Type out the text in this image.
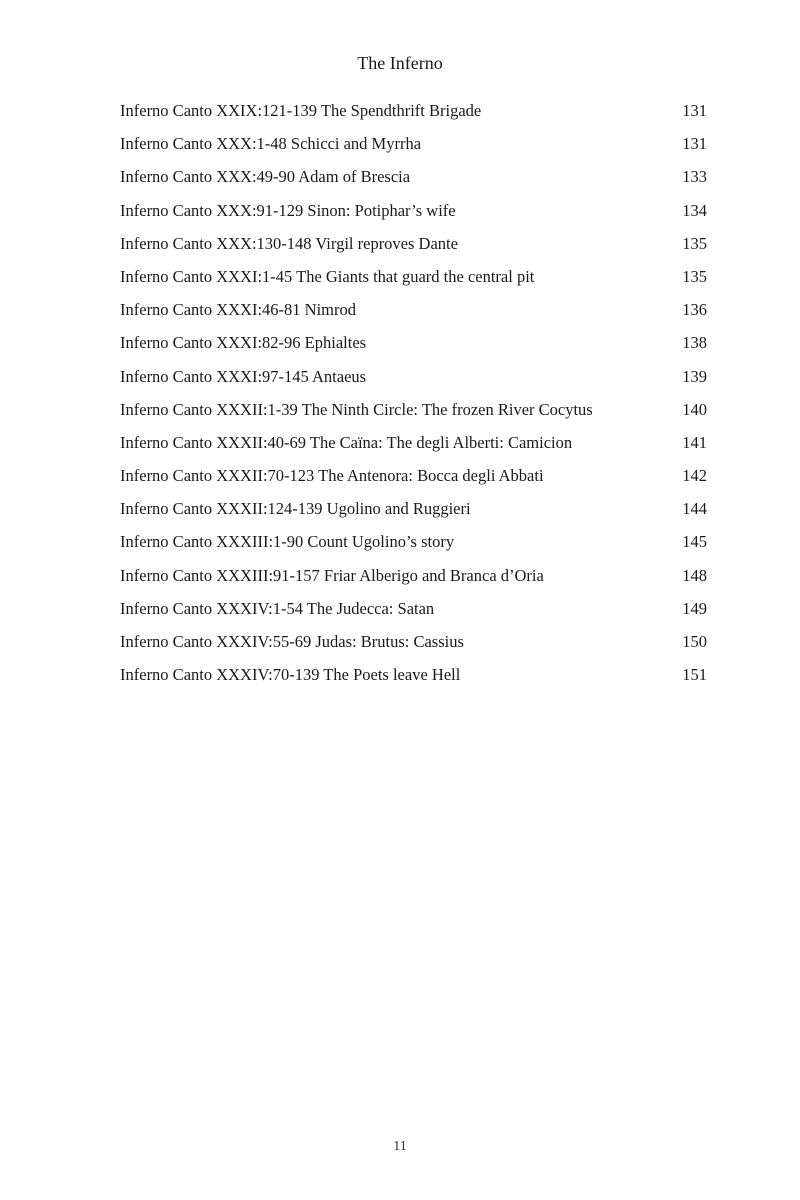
The Inferno
Inferno Canto XXIX:121-139 The Spendthrift Brigade	131
Inferno Canto XXX:1-48 Schicci and Myrrha	131
Inferno Canto XXX:49-90 Adam of Brescia	133
Inferno Canto XXX:91-129 Sinon: Potiphar’s wife	134
Inferno Canto XXX:130-148 Virgil reproves Dante	135
Inferno Canto XXXI:1-45 The Giants that guard the central pit	135
Inferno Canto XXXI:46-81 Nimrod	136
Inferno Canto XXXI:82-96 Ephialtes	138
Inferno Canto XXXI:97-145 Antaeus	139
Inferno Canto XXXII:1-39 The Ninth Circle: The frozen River Cocytus	140
Inferno Canto XXXII:40-69 The Caïna: The degli Alberti: Camicion	141
Inferno Canto XXXII:70-123 The Antenora: Bocca degli Abbati	142
Inferno Canto XXXII:124-139 Ugolino and Ruggieri	144
Inferno Canto XXXIII:1-90 Count Ugolino’s story	145
Inferno Canto XXXIII:91-157 Friar Alberigo and Branca d’Oria	148
Inferno Canto XXXIV:1-54 The Judecca: Satan	149
Inferno Canto XXXIV:55-69 Judas: Brutus: Cassius	150
Inferno Canto XXXIV:70-139 The Poets leave Hell	151
11
